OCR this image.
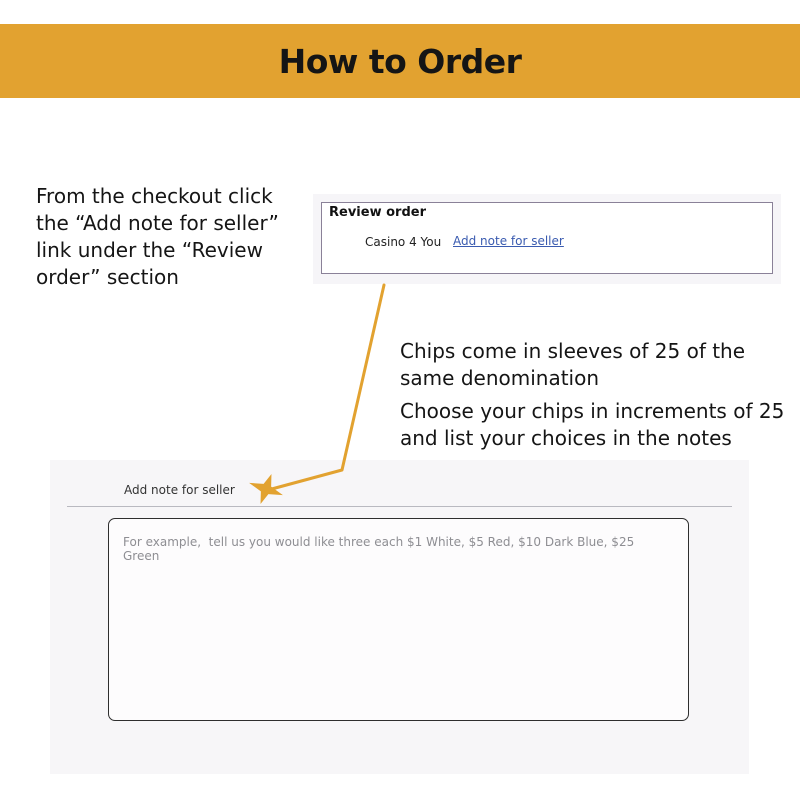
How to Order

From the checkout click the “Add note for seller” link under the “Review order” section

Review order
Casino 4 You Add note for seller

Chips come in sleeves of 25 of the same denomination

Choose your chips in increments of 25 and list your choices in the notes

Add note for seller
For example, tell us you would like three each $1 White, $5 Red, $10 Dark Blue, $25 Green
